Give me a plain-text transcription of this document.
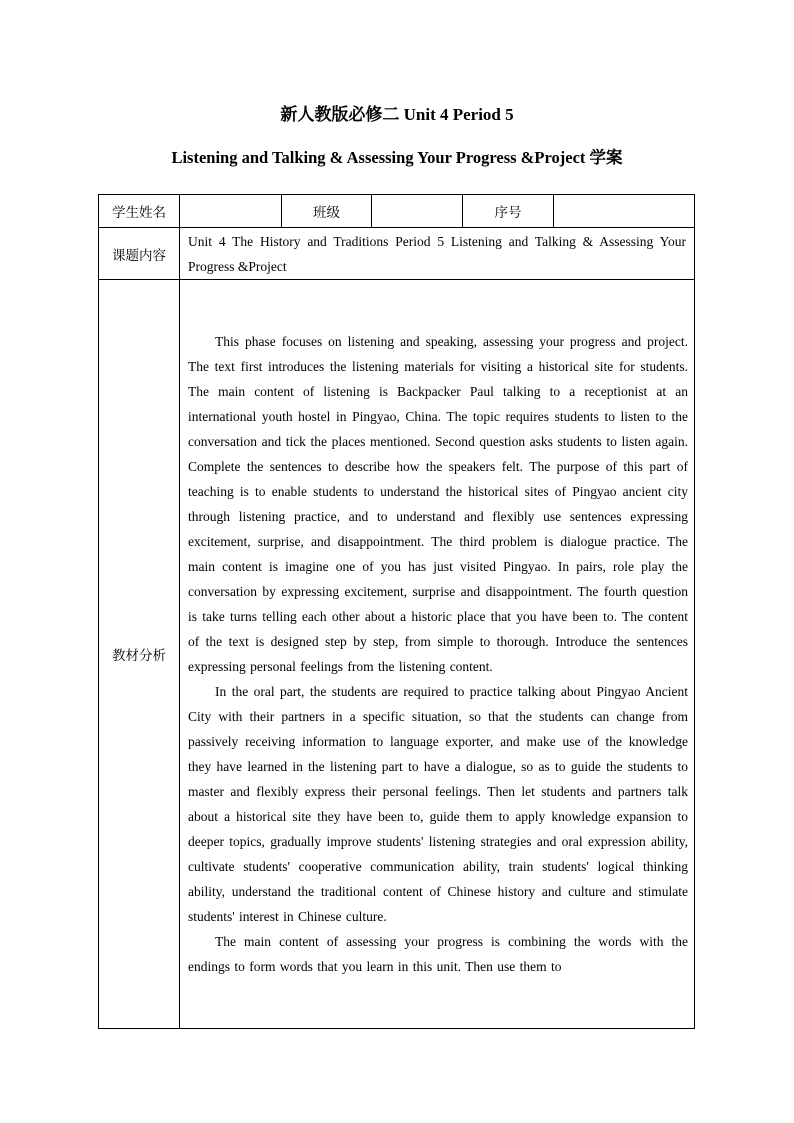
新人教版必修二 Unit 4 Period 5
Listening and Talking & Assessing Your Progress &Project 学案
学生姓名		班级		序号	
课题内容	Unit 4 The History and Traditions Period 5 Listening and Talking & Assessing Your Progress &Project				
教材分析	This phase focuses on listening and speaking, assessing your progress and project. The text first introduces the listening materials for visiting a historical site for students. The main content of listening is Backpacker Paul talking to a receptionist at an international youth hostel in Pingyao, China. The topic requires students to listen to the conversation and tick the places mentioned. Second question asks students to listen again. Complete the sentences to describe how the speakers felt. The purpose of this part of teaching is to enable students to understand the historical sites of Pingyao ancient city through listening practice, and to understand and flexibly use sentences expressing excitement, surprise, and disappointment. The third problem is dialogue practice. The main content is imagine one of you has just visited Pingyao. In pairs, role play the conversation by expressing excitement, surprise and disappointment. The fourth question is take turns telling each other about a historic place that you have been to. The content of the text is designed step by step, from simple to thorough. Introduce the sentences expressing personal feelings from the listening content.

In the oral part, the students are required to practice talking about Pingyao Ancient City with their partners in a specific situation, so that the students can change from passively receiving information to language exporter, and make use of the knowledge they have learned in the listening part to have a dialogue, so as to guide the students to master and flexibly express their personal feelings. Then let students and partners talk about a historical site they have been to, guide them to apply knowledge expansion to deeper topics, gradually improve students' listening strategies and oral expression ability, cultivate students' cooperative communication ability, train students' logical thinking ability, understand the traditional content of Chinese history and culture and stimulate students' interest in Chinese culture.

The main content of assessing your progress is combining the words with the endings to form words that you learn in this unit. Then use them to				
